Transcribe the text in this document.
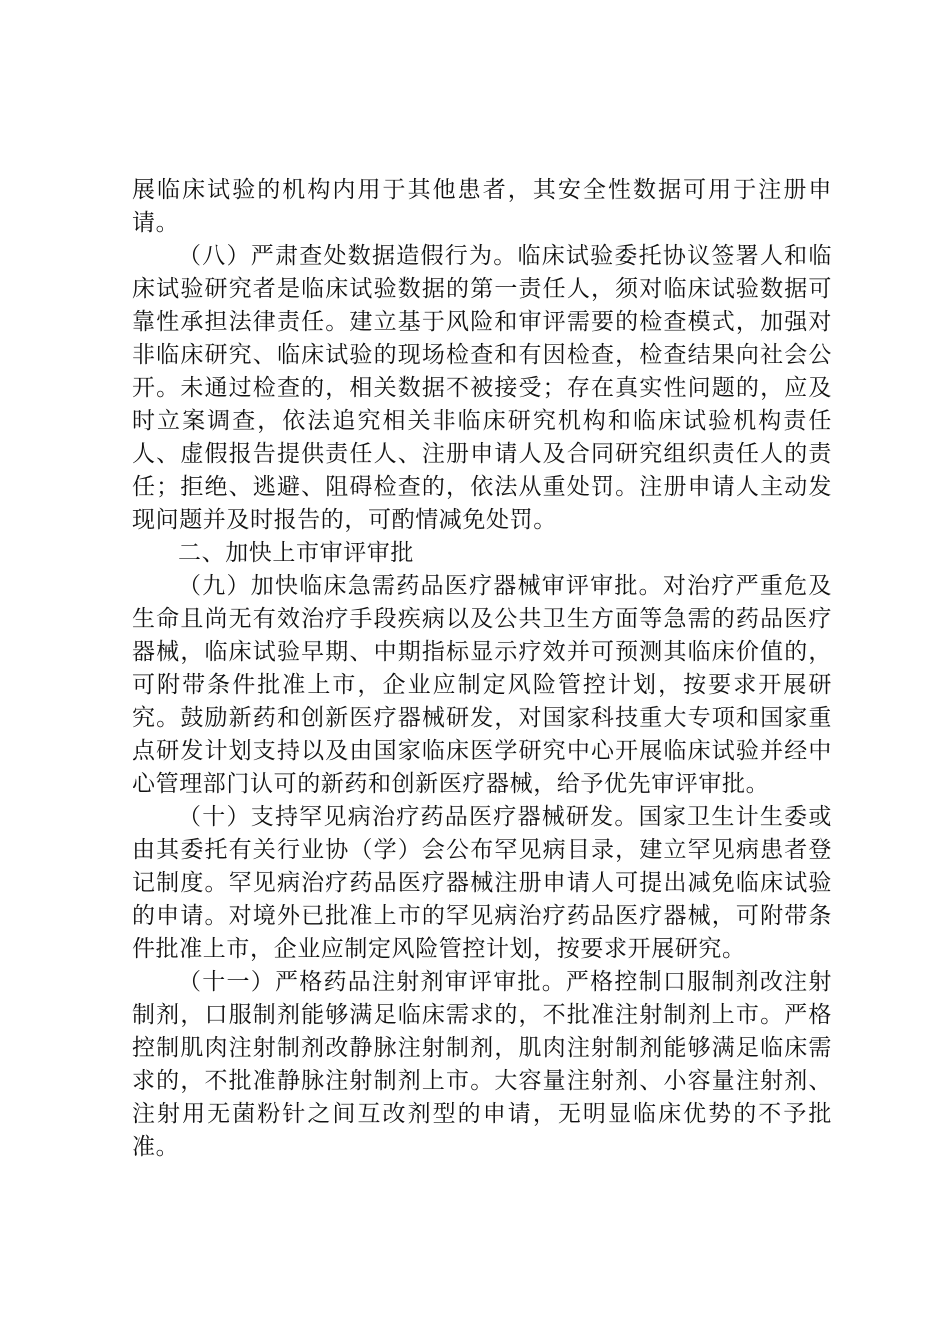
展临床试验的机构内用于其他患者，其安全性数据可用于注册申请。

（八）严肃查处数据造假行为。临床试验委托协议签署人和临床试验研究者是临床试验数据的第一责任人，须对临床试验数据可靠性承担法律责任。建立基于风险和审评需要的检查模式，加强对非临床研究、临床试验的现场检查和有因检查，检查结果向社会公开。未通过检查的，相关数据不被接受；存在真实性问题的，应及时立案调查，依法追究相关非临床研究机构和临床试验机构责任人、虚假报告提供责任人、注册申请人及合同研究组织责任人的责任；拒绝、逃避、阻碍检查的，依法从重处罚。注册申请人主动发现问题并及时报告的，可酌情减免处罚。

二、加快上市审评审批

（九）加快临床急需药品医疗器械审评审批。对治疗严重危及生命且尚无有效治疗手段疾病以及公共卫生方面等急需的药品医疗器械，临床试验早期、中期指标显示疗效并可预测其临床价值的，可附带条件批准上市，企业应制定风险管控计划，按要求开展研究。鼓励新药和创新医疗器械研发，对国家科技重大专项和国家重点研发计划支持以及由国家临床医学研究中心开展临床试验并经中心管理部门认可的新药和创新医疗器械，给予优先审评审批。

（十）支持罕见病治疗药品医疗器械研发。国家卫生计生委或由其委托有关行业协（学）会公布罕见病目录，建立罕见病患者登记制度。罕见病治疗药品医疗器械注册申请人可提出减免临床试验的申请。对境外已批准上市的罕见病治疗药品医疗器械，可附带条件批准上市，企业应制定风险管控计划，按要求开展研究。

（十一）严格药品注射剂审评审批。严格控制口服制剂改注射制剂，口服制剂能够满足临床需求的，不批准注射制剂上市。严格控制肌肉注射制剂改静脉注射制剂，肌肉注射制剂能够满足临床需求的，不批准静脉注射制剂上市。大容量注射剂、小容量注射剂、注射用无菌粉针之间互改剂型的申请，无明显临床优势的不予批准。
